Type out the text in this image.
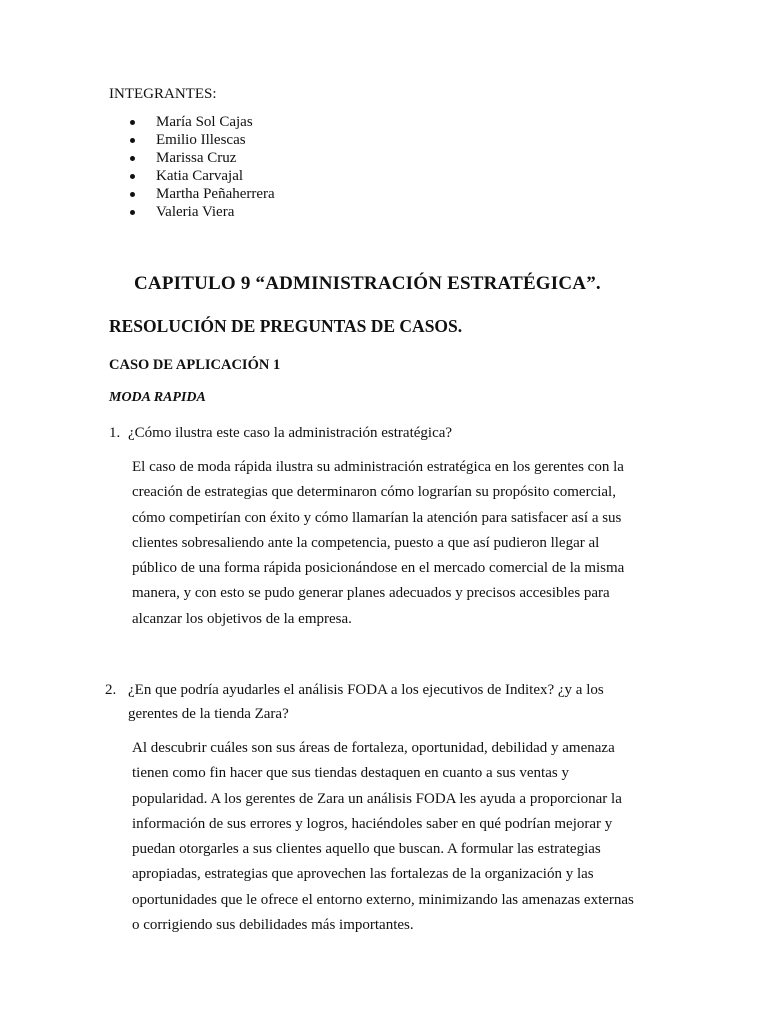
INTEGRANTES:
María Sol Cajas
Emilio Illescas
Marissa Cruz
Katia Carvajal
Martha Peñaherrera
Valeria Viera
CAPITULO 9 “ADMINISTRACIÓN ESTRATÉGICA”.
RESOLUCIÓN DE PREGUNTAS DE CASOS.
CASO DE APLICACIÓN 1
MODA RAPIDA
1. ¿Cómo ilustra este caso la administración estratégica?
El caso de moda rápida ilustra su administración estratégica en los gerentes con la
creación de estrategias que determinaron cómo lograrían su propósito comercial,
cómo competirían con éxito y cómo llamarían la atención para satisfacer así a sus
clientes sobresaliendo ante la competencia, puesto a que así pudieron llegar al
público de una forma rápida posicionándose en el mercado comercial de la misma
manera, y con esto se pudo generar planes adecuados y precisos accesibles para
alcanzar los objetivos de la empresa.
2. ¿En que podría ayudarles el análisis FODA a los ejecutivos de Inditex? ¿y a los
gerentes de la tienda Zara?
Al descubrir cuáles son sus áreas de fortaleza, oportunidad, debilidad y amenaza
tienen como fin hacer que sus tiendas destaquen en cuanto a sus ventas y
popularidad. A los gerentes de Zara un análisis FODA les ayuda a proporcionar la
información de sus errores y logros, haciéndoles saber en qué podrían mejorar y
puedan otorgarles a sus clientes aquello que buscan. A formular las estrategias
apropiadas, estrategias que aprovechen las fortalezas de la organización y las
oportunidades que le ofrece el entorno externo, minimizando las amenazas externas
o corrigiendo sus debilidades más importantes.
